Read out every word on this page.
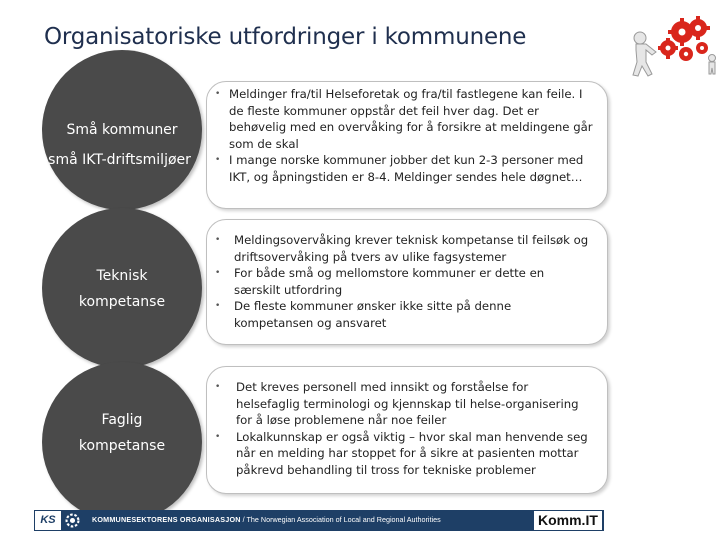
Organisatoriske utfordringer i kommunene
Små kommuner
-små IKT-driftsmiljøer
• Meldinger fra/til Helseforetak og fra/til fastlegene kan feile. I de fleste kommuner oppstår det feil hver dag. Det er behøvelig med en overvåking for å forsikre at meldingene går som de skal
• I mange norske kommuner jobber det kun 2-3 personer med IKT, og åpningstiden er 8-4. Meldinger sendes hele døgnet…
Teknisk
kompetanse
• Meldingsovervåking krever teknisk kompetanse til feilsøk og driftsovervåking på tvers av ulike fagsystemer
• For både små og mellomstore kommuner er dette en særskilt utfordring
• De fleste kommuner ønsker ikke sitte på denne kompetansen og ansvaret
Faglig
kompetanse
• Det kreves personell med innsikt og forståelse for helsefaglig terminologi og kjennskap til helse-organisering for å løse problemene når noe feiler
• Lokalkunnskap er også viktig – hvor skal man henvende seg når en melding har stoppet for å sikre at pasienten mottar påkrevd behandling til tross for tekniske problemer
KS	KOMMUNESEKTORENS ORGANISASJON / The Norwegian Association of Local and Regional Authorities	Komm.IT
